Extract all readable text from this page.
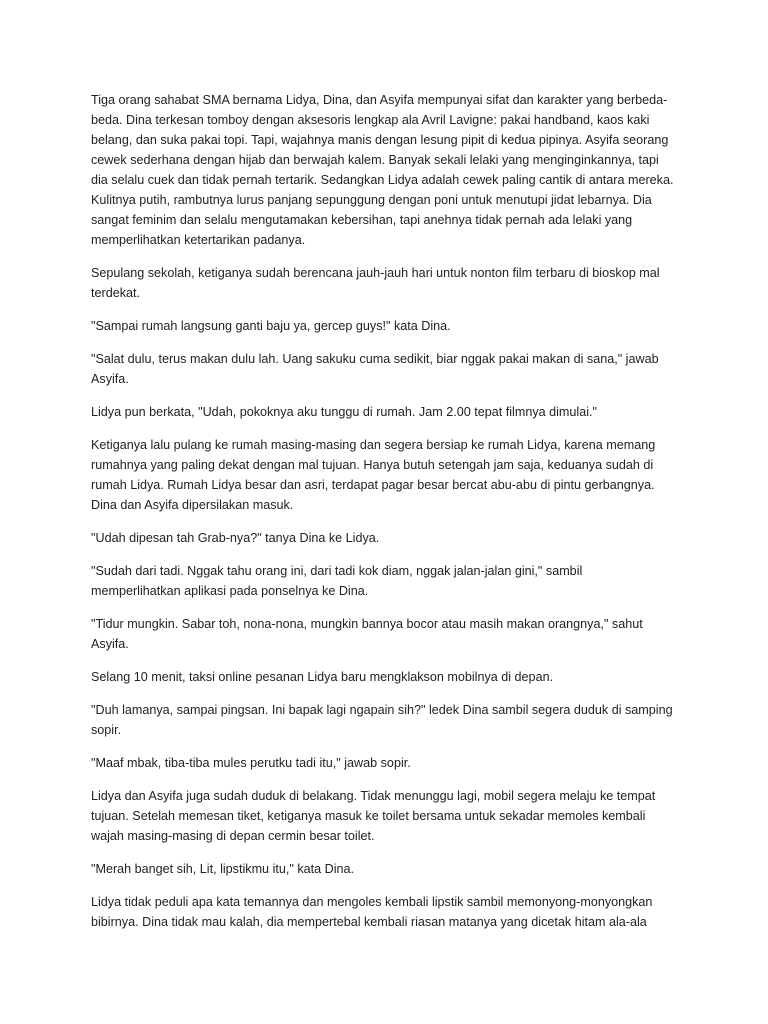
Tiga orang sahabat SMA bernama Lidya, Dina, dan Asyifa mempunyai sifat dan karakter yang berbeda-beda. Dina terkesan tomboy dengan aksesoris lengkap ala Avril Lavigne: pakai handband, kaos kaki belang, dan suka pakai topi. Tapi, wajahnya manis dengan lesung pipit di kedua pipinya. Asyifa seorang cewek sederhana dengan hijab dan berwajah kalem. Banyak sekali lelaki yang menginginkannya, tapi dia selalu cuek dan tidak pernah tertarik. Sedangkan Lidya adalah cewek paling cantik di antara mereka. Kulitnya putih, rambutnya lurus panjang sepunggung dengan poni untuk menutupi jidat lebarnya. Dia sangat feminim dan selalu mengutamakan kebersihan, tapi anehnya tidak pernah ada lelaki yang memperlihatkan ketertarikan padanya.

Sepulang sekolah, ketiganya sudah berencana jauh-jauh hari untuk nonton film terbaru di bioskop mal terdekat.

"Sampai rumah langsung ganti baju ya, gercep guys!" kata Dina.

"Salat dulu, terus makan dulu lah. Uang sakuku cuma sedikit, biar nggak pakai makan di sana," jawab Asyifa.

Lidya pun berkata, "Udah, pokoknya aku tunggu di rumah. Jam 2.00 tepat filmnya dimulai."

Ketiganya lalu pulang ke rumah masing-masing dan segera bersiap ke rumah Lidya, karena memang rumahnya yang paling dekat dengan mal tujuan. Hanya butuh setengah jam saja, keduanya sudah di rumah Lidya. Rumah Lidya besar dan asri, terdapat pagar besar bercat abu-abu di pintu gerbangnya. Dina dan Asyifa dipersilakan masuk.

"Udah dipesan tah Grab-nya?" tanya Dina ke Lidya.

"Sudah dari tadi. Nggak tahu orang ini, dari tadi kok diam, nggak jalan-jalan gini," sambil memperlihatkan aplikasi pada ponselnya ke Dina.

"Tidur mungkin. Sabar toh, nona-nona, mungkin bannya bocor atau masih makan orangnya," sahut Asyifa.

Selang 10 menit, taksi online pesanan Lidya baru mengklakson mobilnya di depan.

"Duh lamanya, sampai pingsan. Ini bapak lagi ngapain sih?" ledek Dina sambil segera duduk di samping sopir.

"Maaf mbak, tiba-tiba mules perutku tadi itu," jawab sopir.

Lidya dan Asyifa juga sudah duduk di belakang. Tidak menunggu lagi, mobil segera melaju ke tempat tujuan. Setelah memesan tiket, ketiganya masuk ke toilet bersama untuk sekadar memoles kembali wajah masing-masing di depan cermin besar toilet.

"Merah banget sih, Lit, lipstikmu itu," kata Dina.

Lidya tidak peduli apa kata temannya dan mengoles kembali lipstik sambil memonyong-monyongkan bibirnya. Dina tidak mau kalah, dia mempertebal kembali riasan matanya yang dicetak hitam ala-ala
